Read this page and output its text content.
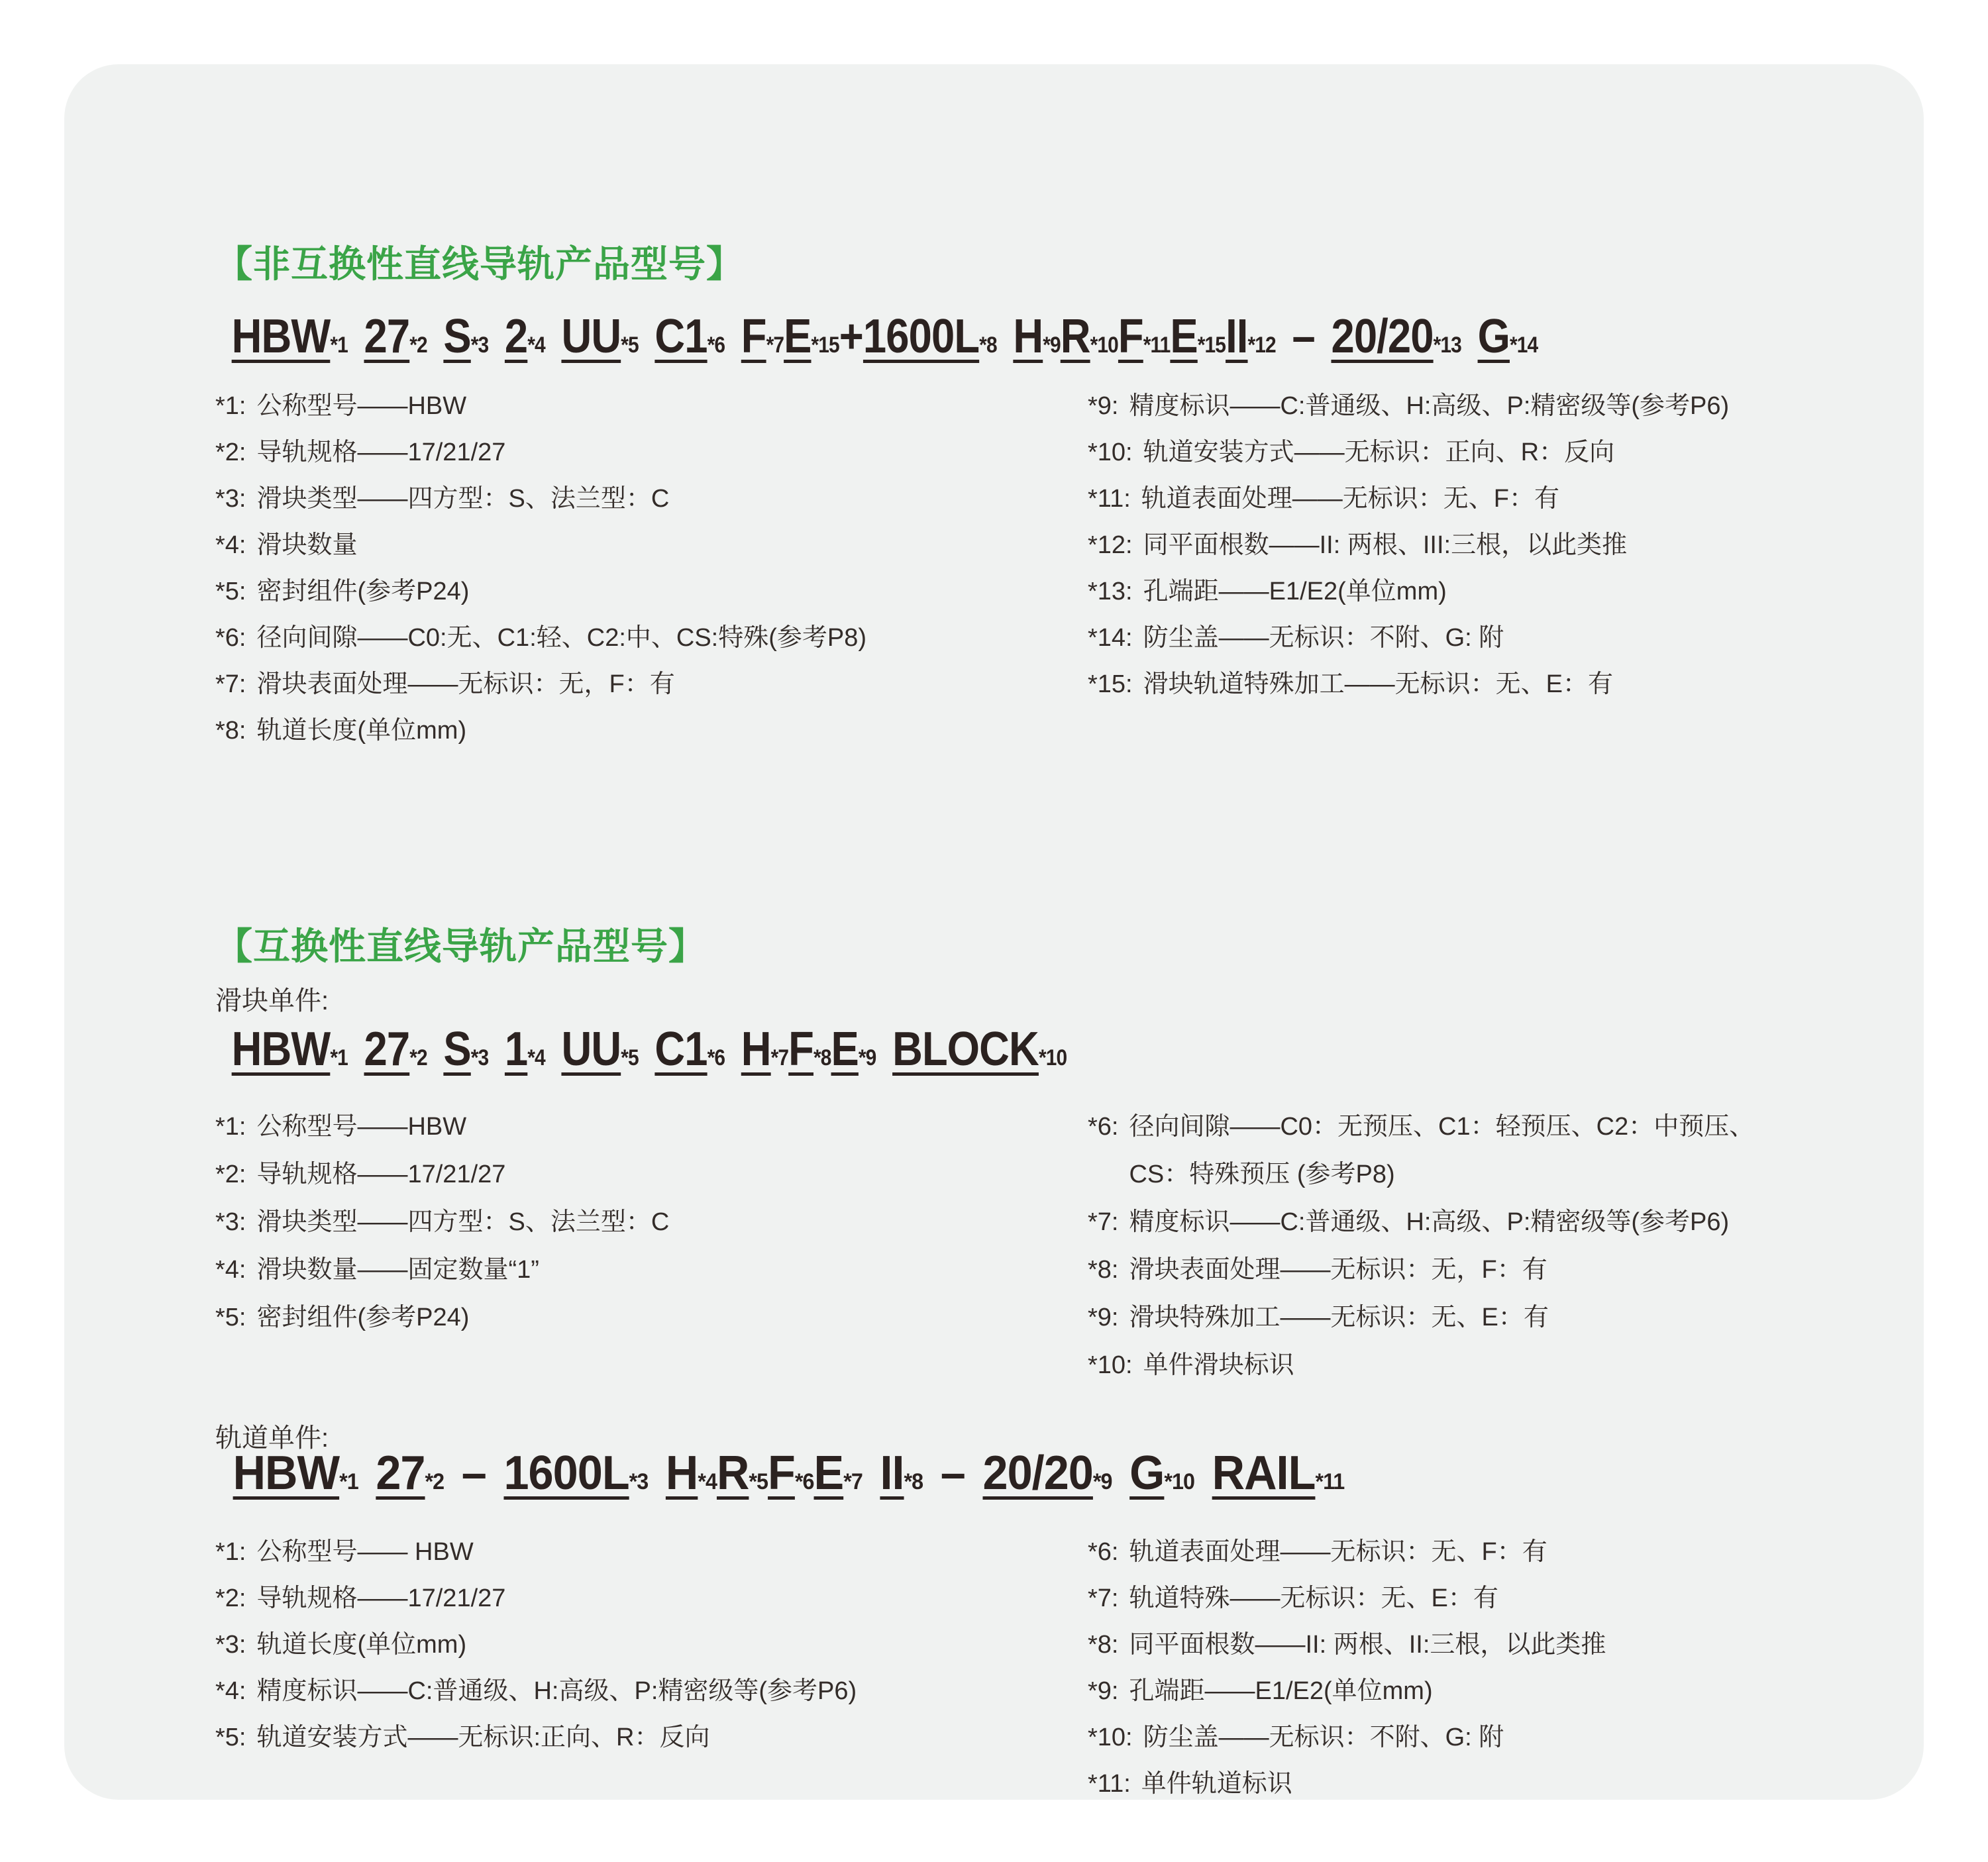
【非互换性直线导轨产品型号】
HBW *1 27 *2 S *3 2 *4 UU *5 C1 *6 F *7 E *15 + 1600L *8 H *9 R *10 F *11 E *15 II *12 – 20/20 *13 G *14
*1: 公称型号——HBW
*2: 导轨规格——17/21/27
*3: 滑块类型——四方型：S、法兰型：C
*4: 滑块数量
*5: 密封组件(参考P24)
*6: 径向间隙——C0:无、C1:轻、C2:中、CS:特殊(参考P8)
*7: 滑块表面处理——无标识：无，F：有
*8: 轨道长度(单位mm)
*9: 精度标识——C:普通级、H:高级、P:精密级等(参考P6)
*10: 轨道安装方式——无标识：正向、R：反向
*11: 轨道表面处理——无标识：无、F：有
*12: 同平面根数——II: 两根、III:三根，以此类推
*13: 孔端距——E1/E2(单位mm)
*14: 防尘盖——无标识：不附、G: 附
*15: 滑块轨道特殊加工——无标识：无、E：有
【互换性直线导轨产品型号】
滑块单件:
HBW *1 27 *2 S *3 1 *4 UU *5 C1 *6 H *7 F *8 E *9 BLOCK *10
*1: 公称型号——HBW
*2: 导轨规格——17/21/27
*3: 滑块类型——四方型：S、法兰型：C
*4: 滑块数量——固定数量“1”
*5: 密封组件(参考P24)
*6: 径向间隙——C0：无预压、C1：轻预压、C2：中预压、
CS：特殊预压 (参考P8)
*7: 精度标识——C:普通级、H:高级、P:精密级等(参考P6)
*8: 滑块表面处理——无标识：无，F：有
*9: 滑块特殊加工——无标识：无、E：有
*10: 单件滑块标识
轨道单件:
HBW *1 27 *2 – 1600L *3 H *4 R *5 F *6 E *7 II *8 – 20/20 *9 G *10 RAIL *11
*1: 公称型号—— HBW
*2: 导轨规格——17/21/27
*3: 轨道长度(单位mm)
*4: 精度标识——C:普通级、H:高级、P:精密级等(参考P6)
*5: 轨道安装方式——无标识:正向、R：反向
*6: 轨道表面处理——无标识：无、F：有
*7: 轨道特殊——无标识：无、E：有
*8: 同平面根数——II: 两根、II:三根，以此类推
*9: 孔端距——E1/E2(单位mm)
*10: 防尘盖——无标识：不附、G: 附
*11: 单件轨道标识
